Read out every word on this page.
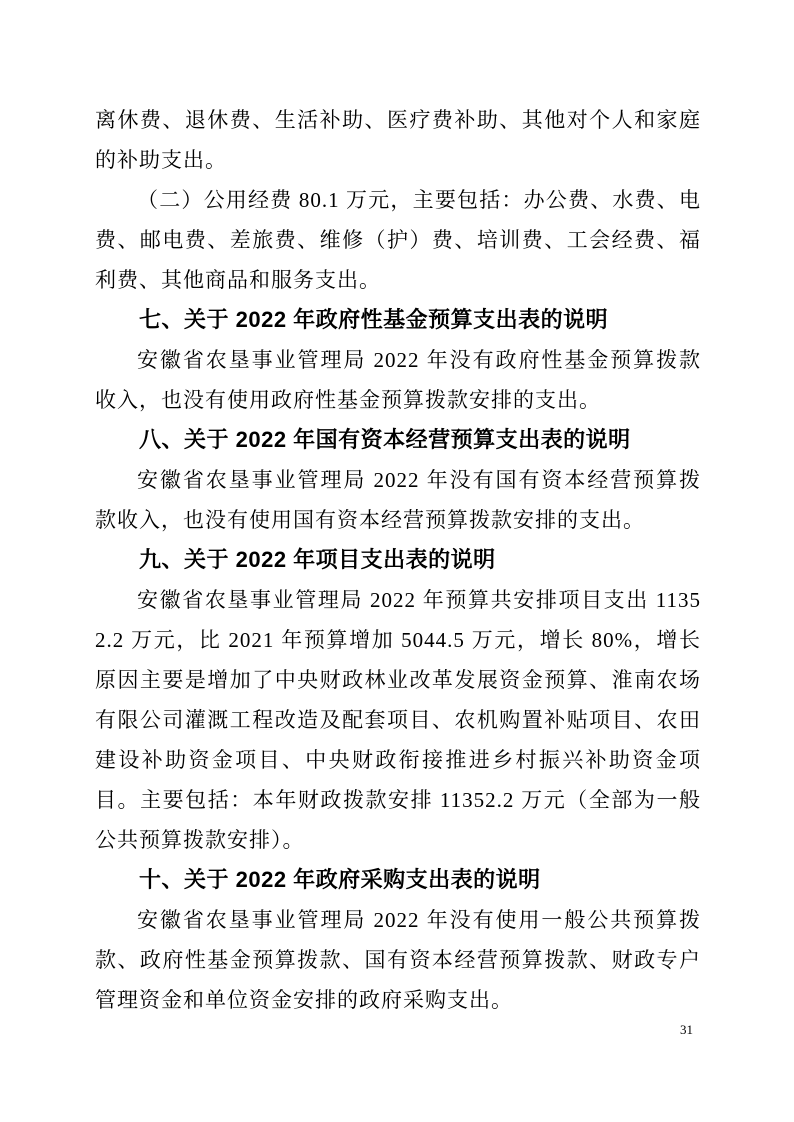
离休费、退休费、生活补助、医疗费补助、其他对个人和家庭的补助支出。

（二）公用经费 80.1 万元，主要包括：办公费、水费、电费、邮电费、差旅费、维修（护）费、培训费、工会经费、福利费、其他商品和服务支出。

七、关于 2022 年政府性基金预算支出表的说明

安徽省农垦事业管理局 2022 年没有政府性基金预算拨款收入，也没有使用政府性基金预算拨款安排的支出。

八、关于 2022 年国有资本经营预算支出表的说明

安徽省农垦事业管理局 2022 年没有国有资本经营预算拨款收入，也没有使用国有资本经营预算拨款安排的支出。

九、关于 2022 年项目支出表的说明

安徽省农垦事业管理局 2022 年预算共安排项目支出 11352.2 万元，比 2021 年预算增加 5044.5 万元，增长 80%，增长原因主要是增加了中央财政林业改革发展资金预算、淮南农场有限公司灌溉工程改造及配套项目、农机购置补贴项目、农田建设补助资金项目、中央财政衔接推进乡村振兴补助资金项目。主要包括：本年财政拨款安排 11352.2 万元（全部为一般公共预算拨款安排）。

十、关于 2022 年政府采购支出表的说明

安徽省农垦事业管理局 2022 年没有使用一般公共预算拨款、政府性基金预算拨款、国有资本经营预算拨款、财政专户管理资金和单位资金安排的政府采购支出。

31
